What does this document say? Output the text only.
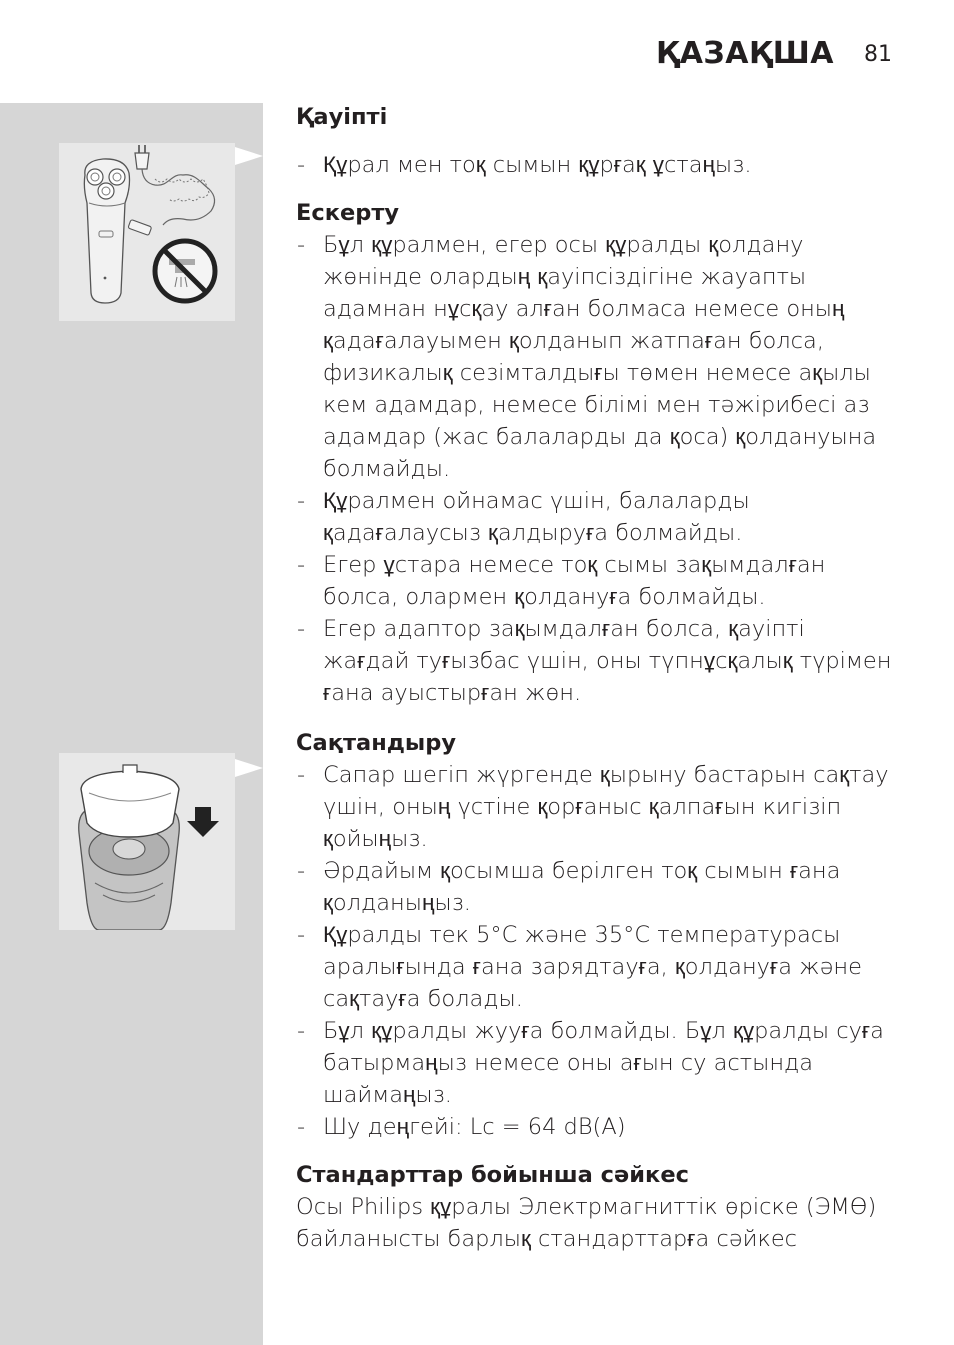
ҚАЗАҚША 81
Қауіпті
- Құрал мен тоқ сымын құрғақ ұстаңыз.
Ескерту
- Бұл құралмен, егер осы құралды қолдану жөнінде олардың қауіпсіздігіне жауапты адамнан нұсқау алған болмаса немесе оның қадағалауымен қолданып жатпаған болса, физикалық сезімталдығы төмен немесе ақылы кем адамдар, немесе білімі мен тәжірибесі аз адамдар (жас балаларды да қоса) қолдануына болмайды.
- Құралмен ойнамас үшін, балаларды қадағалаусыз қалдыруға болмайды.
- Егер ұстара немесе тоқ сымы зақымдалған болса, олармен қолдануға болмайды.
- Егер адаптор зақымдалған болса, қауіпті жағдай туғызбас үшін, оны түпнұсқалық түрімен ғана ауыстырған жөн.
Сақтандыру
- Сапар шегіп жүргенде қырыну бастарын сақтау үшін, оның үстіне қорғаныс қалпағын кигізіп қойыңыз.
- Әрдайым қосымша берілген тоқ сымын ғана қолданыңыз.
- Құралды тек 5°C және 35°C температурасы аралығында ғана зарядтауға, қолдануға және сақтауға болады.
- Бұл құралды жууға болмайды. Бұл құралды суға батырмаңыз немесе оны ағын су астында шаймаңыз.
- Шу деңгейі: Lc = 64 dB(A)
Стандарттар бойынша сәйкес

Осы Philips құралы Электрмагниттік өріске (ЭМӨ) байланысты барлық стандарттарға сәйкес
